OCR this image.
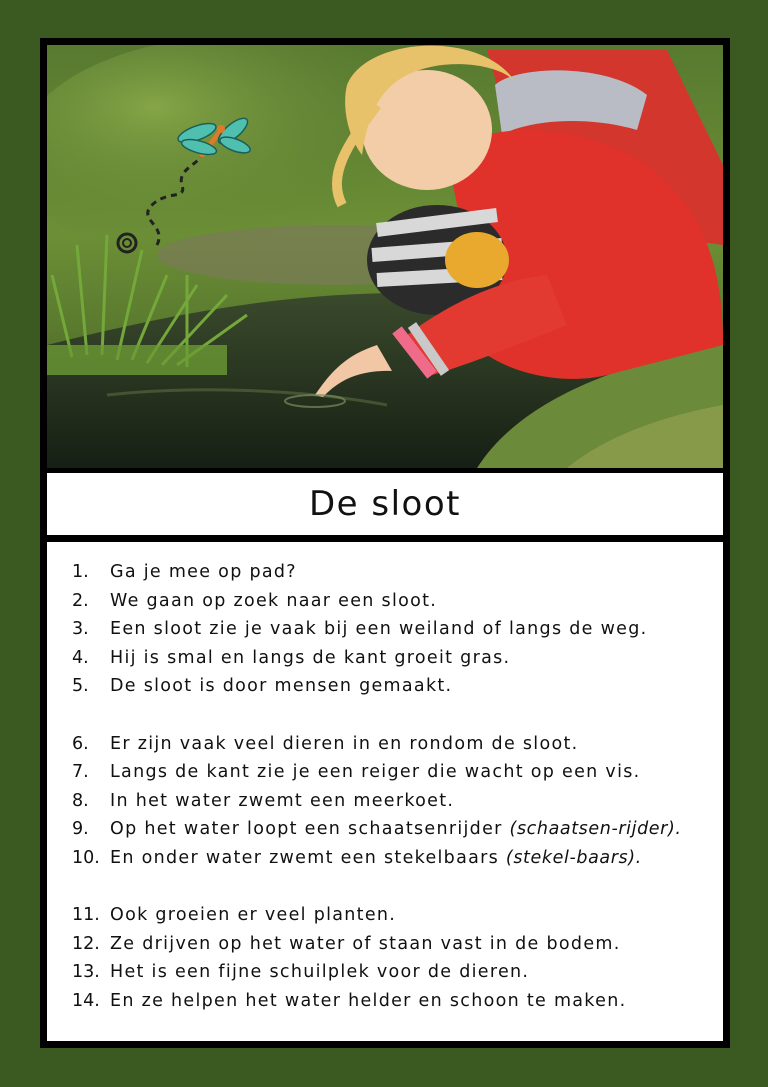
De sloot
1.	Ga je mee op pad?
2.	We gaan op zoek naar een sloot.
3.	Een sloot zie je vaak bij een weiland of langs de weg.
4.	Hij is smal en langs de kant groeit gras.
5.	De sloot is door mensen gemaakt.
6.	Er zijn vaak veel dieren in en rondom de sloot.
7.	Langs de kant zie je een reiger die wacht op een vis.
8.	In het water zwemt een meerkoet.
9.	Op het water loopt een schaatsenrijder (schaatsen-rijder).
10. En onder water zwemt een stekelbaars (stekel-baars).
11. Ook groeien er veel planten.
12. Ze drijven op het water of staan vast in de bodem.
13. Het is een fijne schuilplek voor de dieren.
14. En ze helpen het water helder en schoon te maken.
